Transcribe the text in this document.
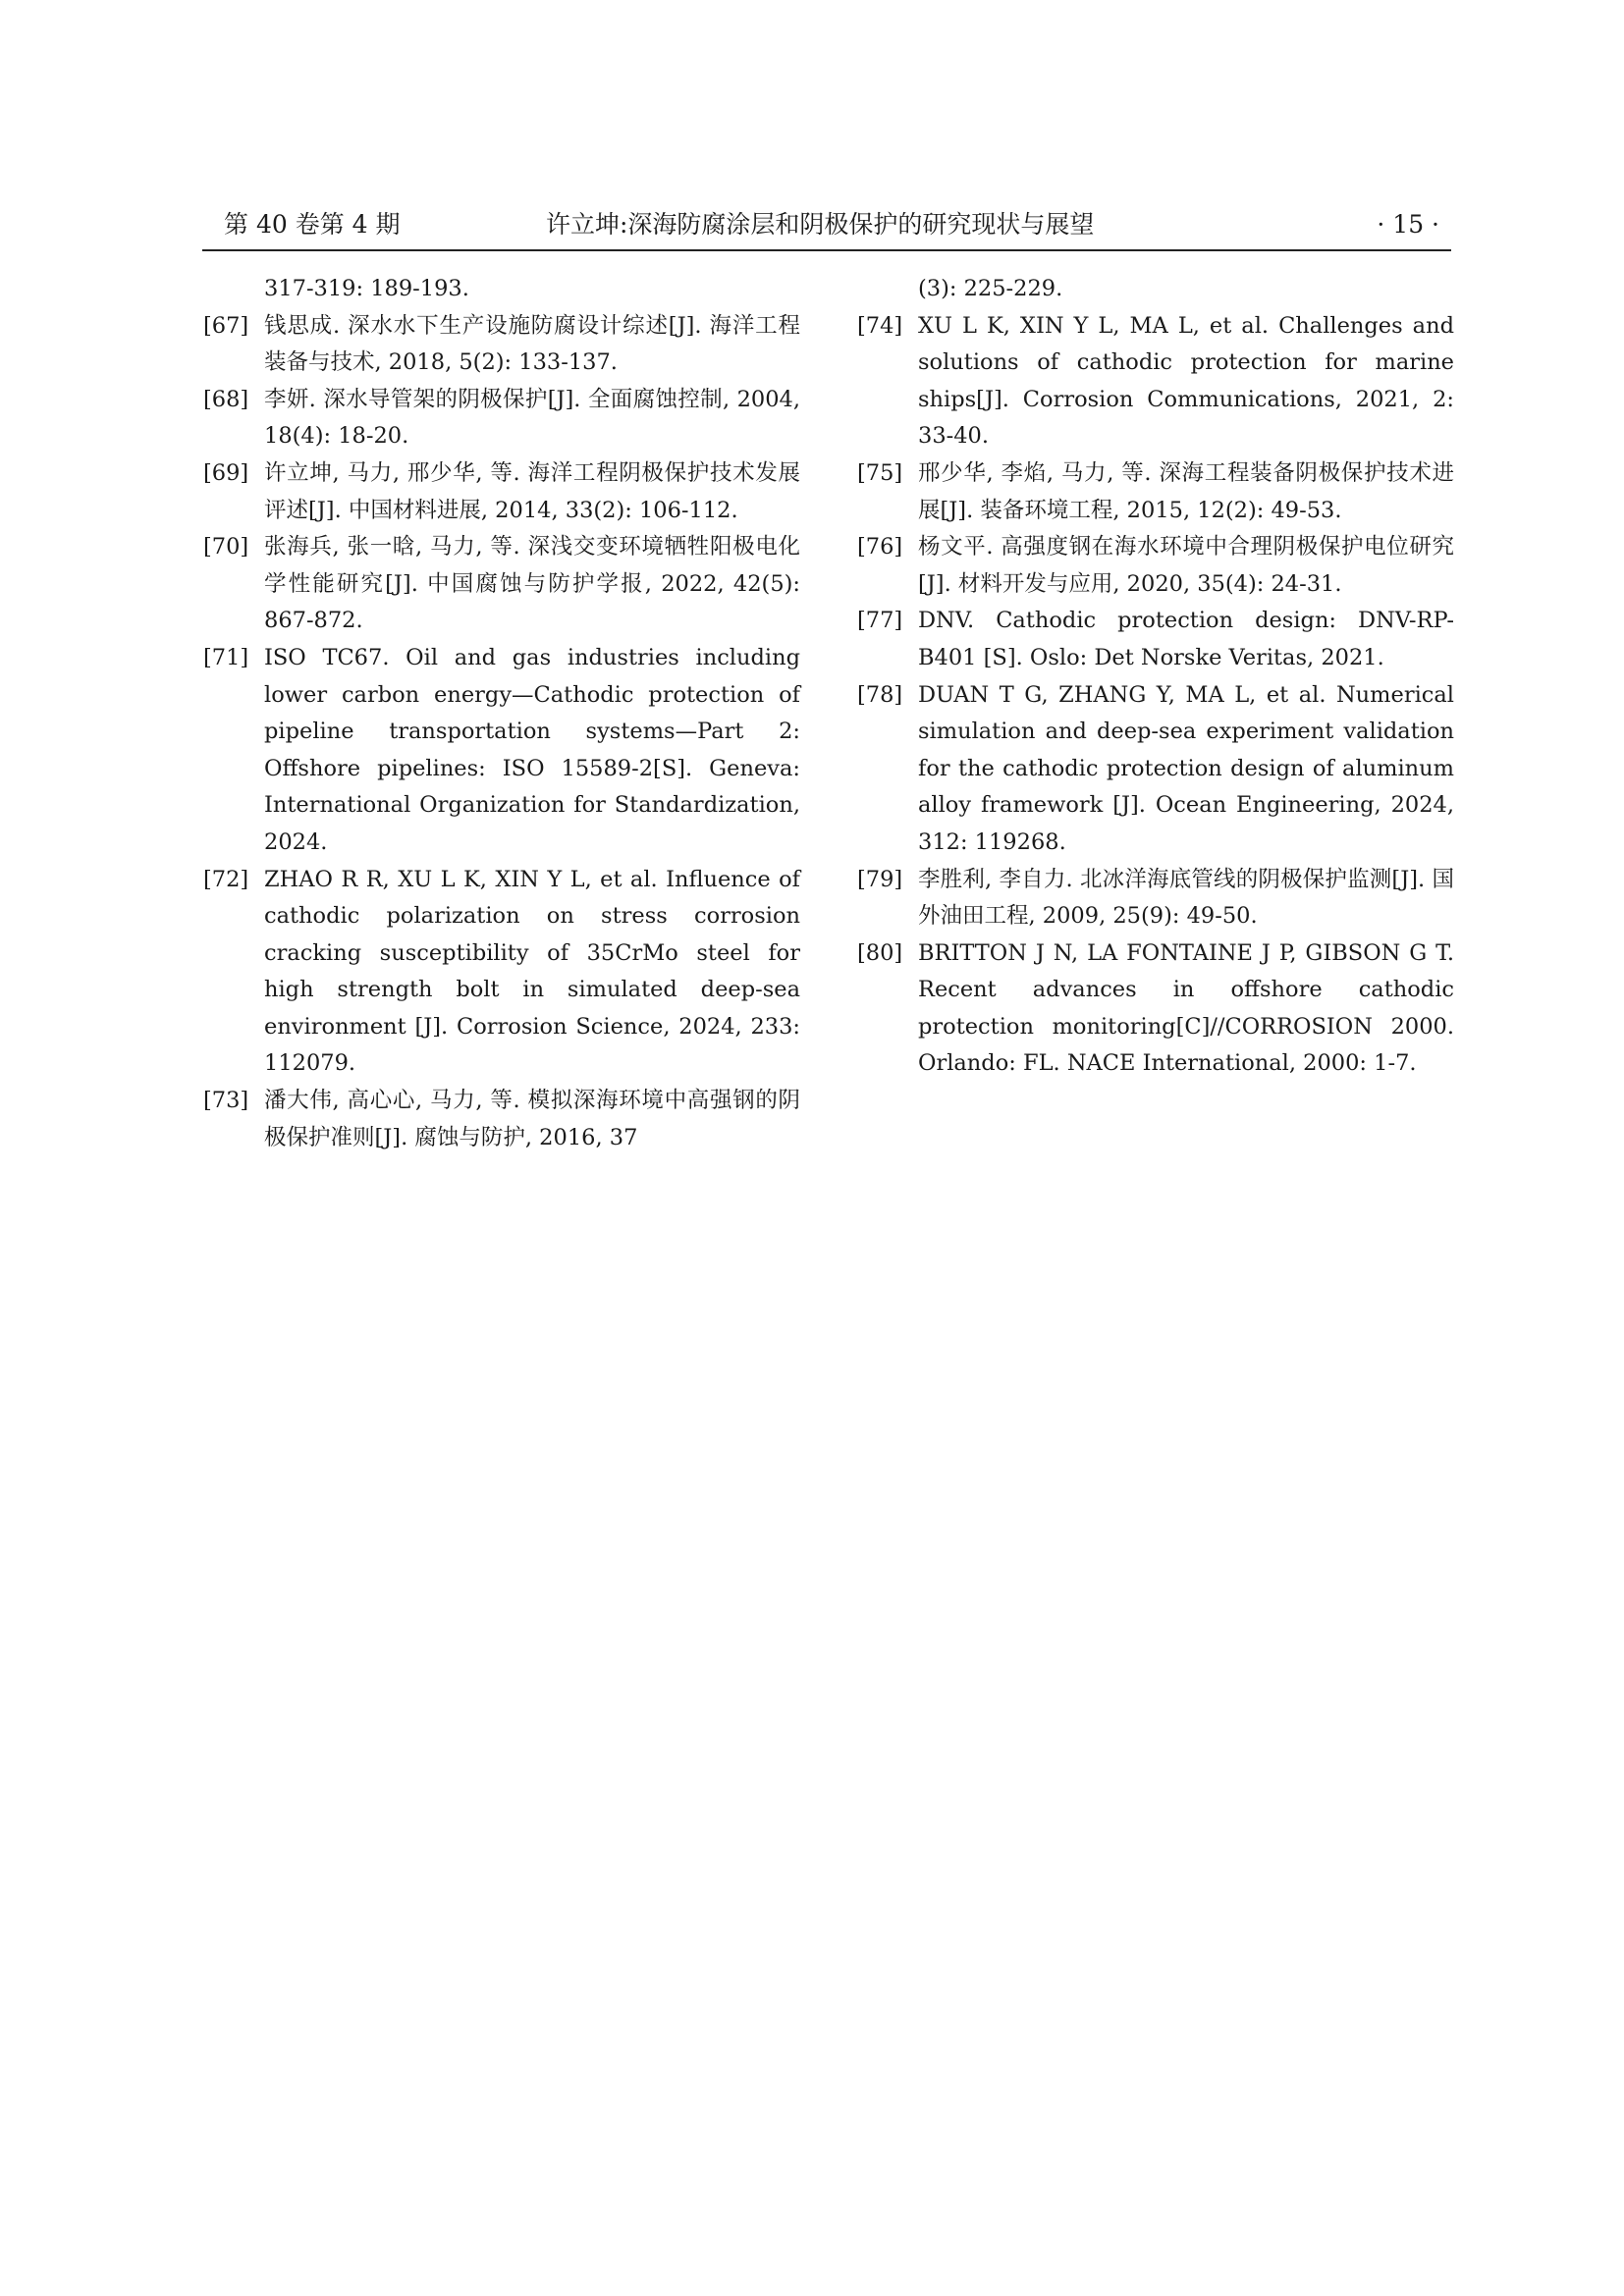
第 40 卷第 4 期	许立坤:深海防腐涂层和阴极保护的研究现状与展望	· 15 ·
317-319: 189-193.
[67] 钱思成. 深水水下生产设施防腐设计综述[J]. 海洋工程装备与技术, 2018, 5(2): 133-137.
[68] 李妍. 深水导管架的阴极保护[J]. 全面腐蚀控制, 2004, 18(4): 18-20.
[69] 许立坤, 马力, 邢少华, 等. 海洋工程阴极保护技术发展评述[J]. 中国材料进展, 2014, 33(2): 106-112.
[70] 张海兵, 张一晗, 马力, 等. 深浅交变环境牺牲阳极电化学性能研究[J]. 中国腐蚀与防护学报, 2022, 42(5): 867-872.
[71] ISO TC67. Oil and gas industries including lower carbon energy—Cathodic protection of pipeline transportation systems—Part 2: Offshore pipelines: ISO 15589-2[S]. Geneva: International Organization for Standardization, 2024.
[72] ZHAO R R, XU L K, XIN Y L, et al. Influence of cathodic polarization on stress corrosion cracking susceptibility of 35CrMo steel for high strength bolt in simulated deep-sea environment [J]. Corrosion Science, 2024, 233: 112079.
[73] 潘大伟, 高心心, 马力, 等. 模拟深海环境中高强钢的阴极保护准则[J]. 腐蚀与防护, 2016, 37
(3): 225-229.
[74] XU L K, XIN Y L, MA L, et al. Challenges and solutions of cathodic protection for marine ships[J]. Corrosion Communications, 2021, 2: 33-40.
[75] 邢少华, 李焰, 马力, 等. 深海工程装备阴极保护技术进展[J]. 装备环境工程, 2015, 12(2): 49-53.
[76] 杨文平. 高强度钢在海水环境中合理阴极保护电位研究[J]. 材料开发与应用, 2020, 35(4): 24-31.
[77] DNV. Cathodic protection design: DNV-RP-B401 [S]. Oslo: Det Norske Veritas, 2021.
[78] DUAN T G, ZHANG Y, MA L, et al. Numerical simulation and deep-sea experiment validation for the cathodic protection design of aluminum alloy framework [J]. Ocean Engineering, 2024, 312: 119268.
[79] 李胜利, 李自力. 北冰洋海底管线的阴极保护监测[J]. 国外油田工程, 2009, 25(9): 49-50.
[80] BRITTON J N, LA FONTAINE J P, GIBSON G T. Recent advances in offshore cathodic protection monitoring[C]//CORROSION 2000. Orlando: FL. NACE International, 2000: 1-7.
